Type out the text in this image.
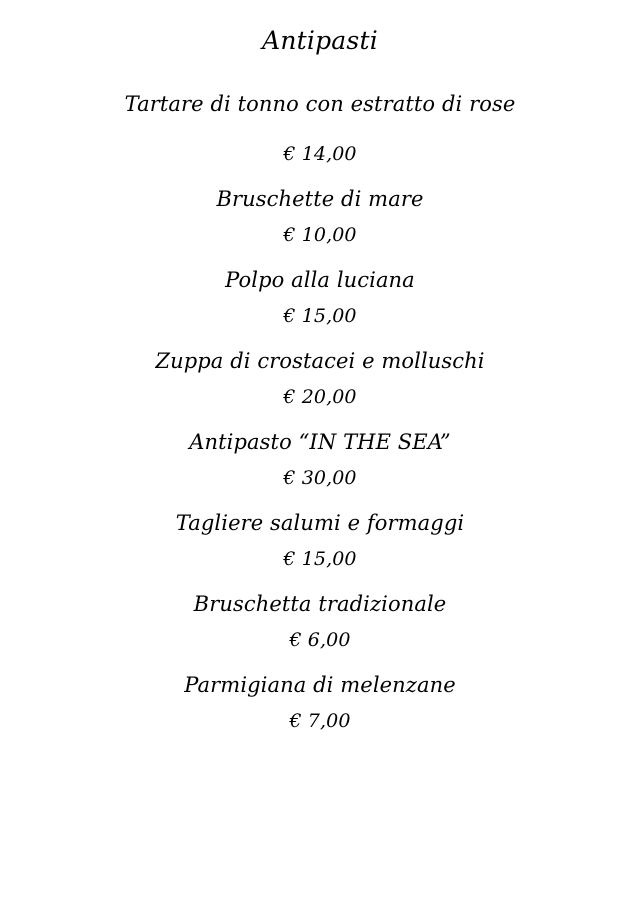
Antipasti
Tartare di tonno con estratto di rose
€ 14,00
Bruschette di mare
€ 10,00
Polpo alla luciana
€ 15,00
Zuppa di crostacei e molluschi
€ 20,00
Antipasto “IN THE SEA”
€ 30,00
Tagliere salumi e formaggi
€ 15,00
Bruschetta tradizionale
€ 6,00
Parmigiana di melenzane
€ 7,00
